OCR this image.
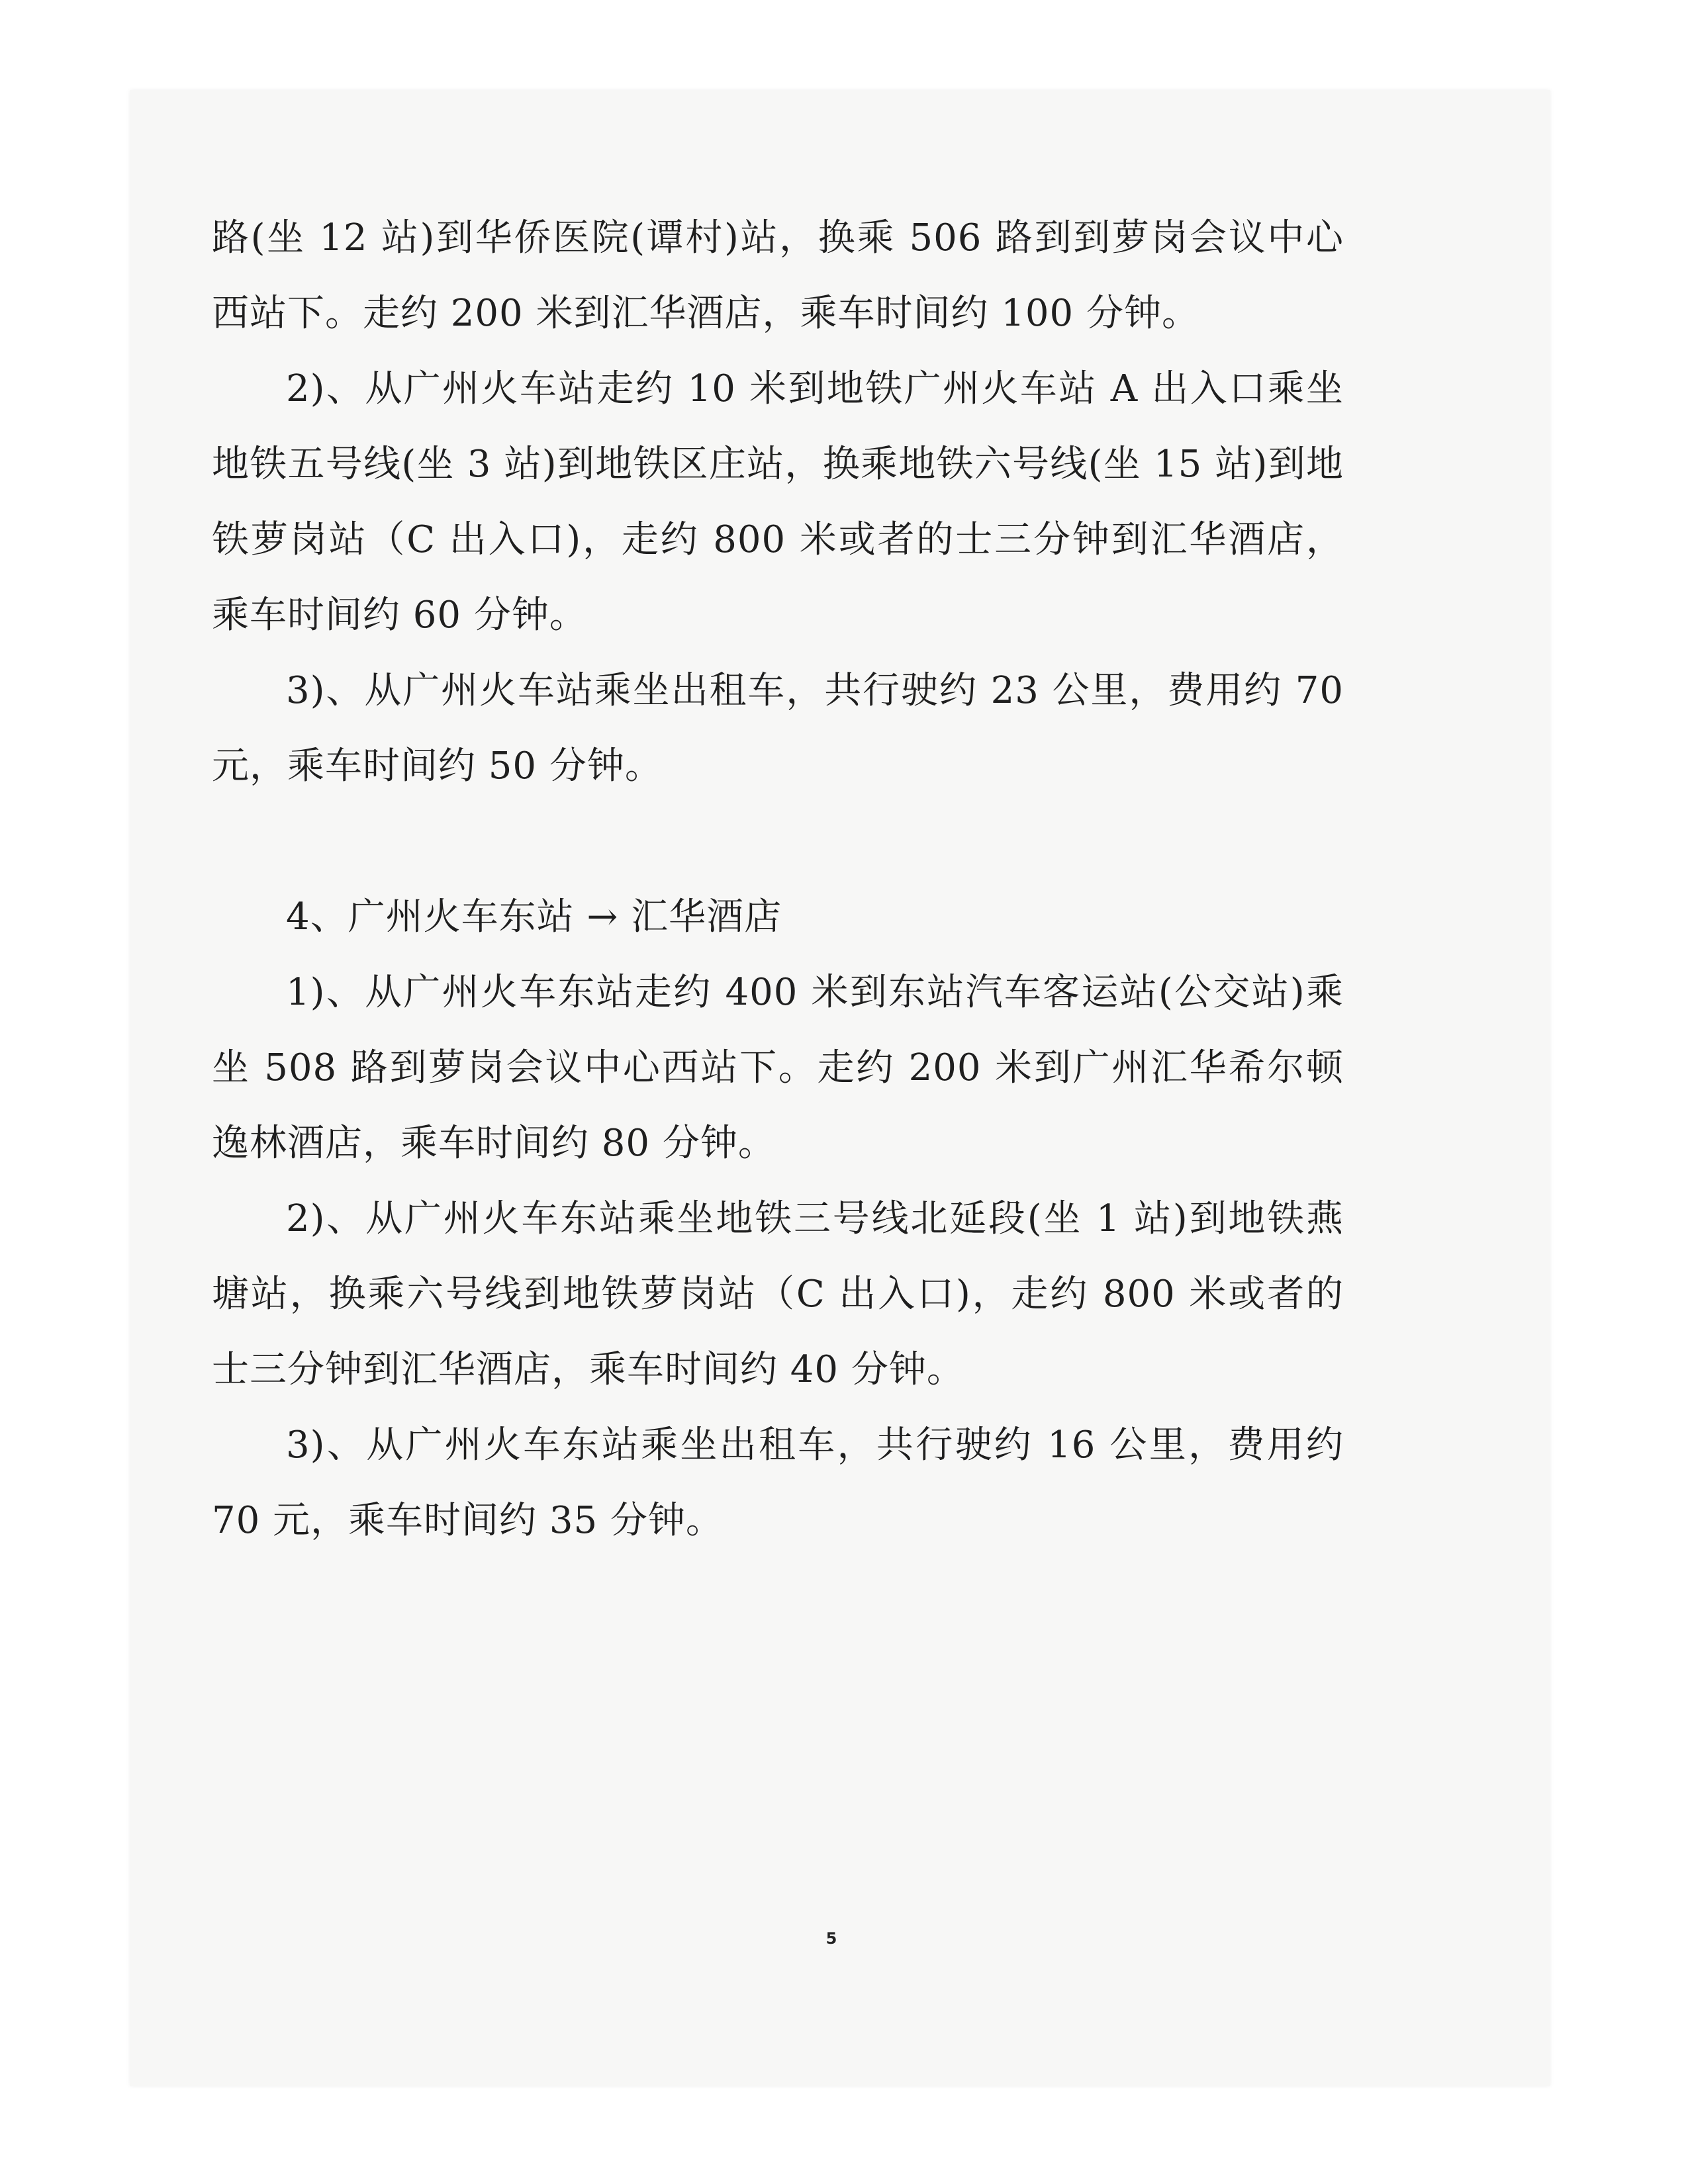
路(坐 12 站)到华侨医院(谭村)站，换乘 506 路到到萝岗会议中心西站下。走约 200 米到汇华酒店，乘车时间约 100 分钟。

2)、从广州火车站走约 10 米到地铁广州火车站 A 出入口乘坐地铁五号线(坐 3 站)到地铁区庄站，换乘地铁六号线(坐 15 站)到地铁萝岗站（C 出入口)，走约 800 米或者的士三分钟到汇华酒店，乘车时间约 60 分钟。

3)、从广州火车站乘坐出租车，共行驶约 23 公里，费用约 70 元，乘车时间约 50 分钟。

4、广州火车东站 → 汇华酒店

1)、从广州火车东站走约 400 米到东站汽车客运站(公交站)乘坐 508 路到萝岗会议中心西站下。走约 200 米到广州汇华希尔顿逸林酒店，乘车时间约 80 分钟。

2)、从广州火车东站乘坐地铁三号线北延段(坐 1 站)到地铁燕塘站，换乘六号线到地铁萝岗站（C 出入口)，走约 800 米或者的士三分钟到汇华酒店，乘车时间约 40 分钟。

3)、从广州火车东站乘坐出租车，共行驶约 16 公里，费用约 70 元，乘车时间约 35 分钟。

5
